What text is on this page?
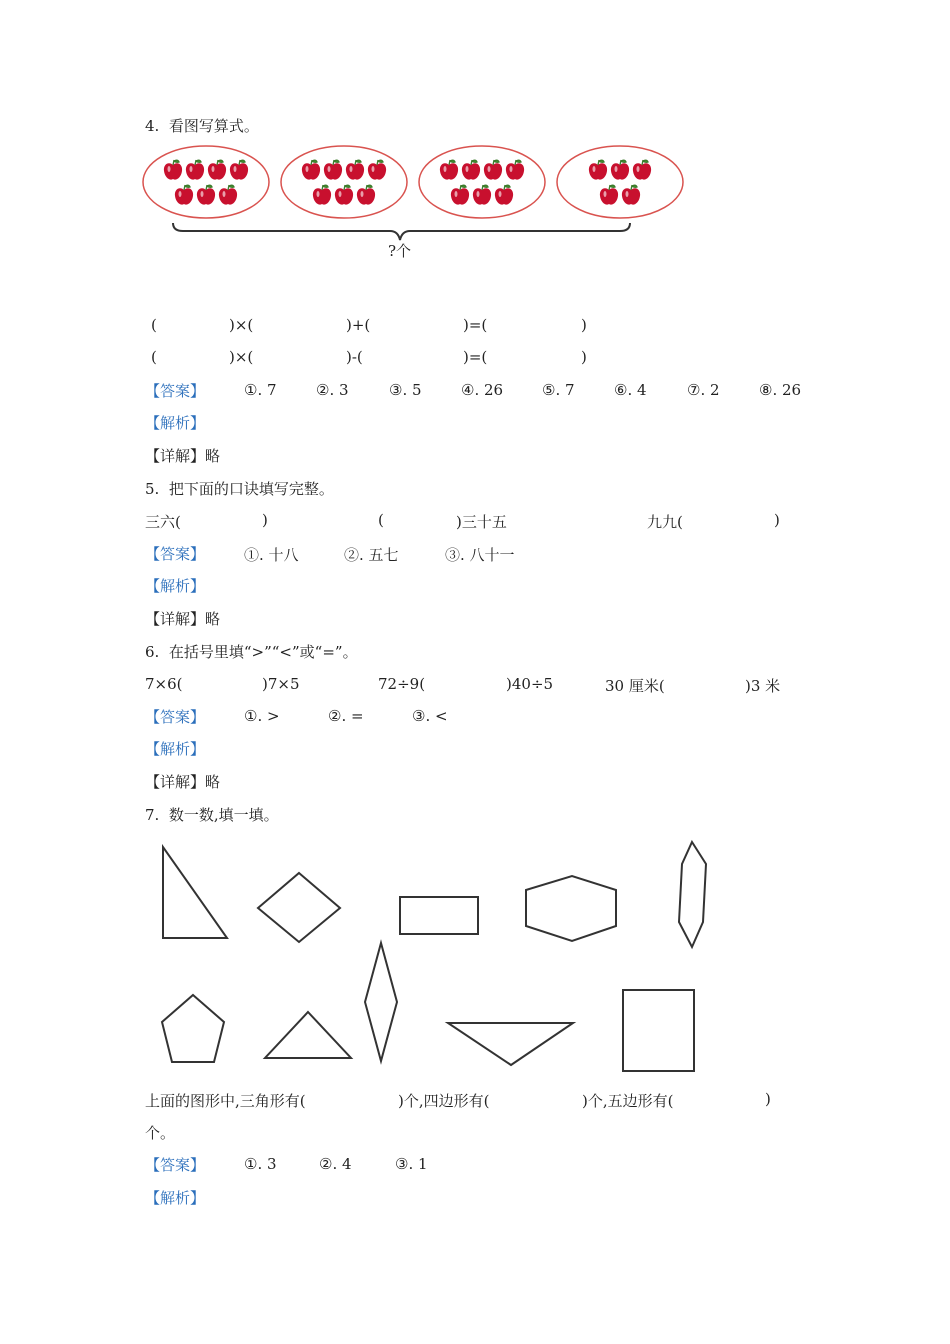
4.  看图写算式。
?个
(	)×(	)+(	)=(	)
(	)×(	)-(	)=(	)
【答案】	①. 7	②. 3	③. 5	④. 26	⑤. 7	⑥. 4	⑦. 2	⑧. 26
【解析】
【详解】略
5.  把下面的口诀填写完整。
三六(	)	(	)三十五	九九(	)
【答案】	①. 十八	②. 五七	③. 八十一
【解析】
【详解】略
6.  在括号里填“>”“<”或“=”。
7×6(	)7×5	72÷9(	)40÷5	30 厘米(	)3 米
【答案】	①. >	②. =	③. <
【解析】
【详解】略
7.  数一数,填一填。
上面的图形中,三角形有(	)个,四边形有(	)个,五边形有(	)
个。
【答案】	①. 3	②. 4	③. 1
【解析】
